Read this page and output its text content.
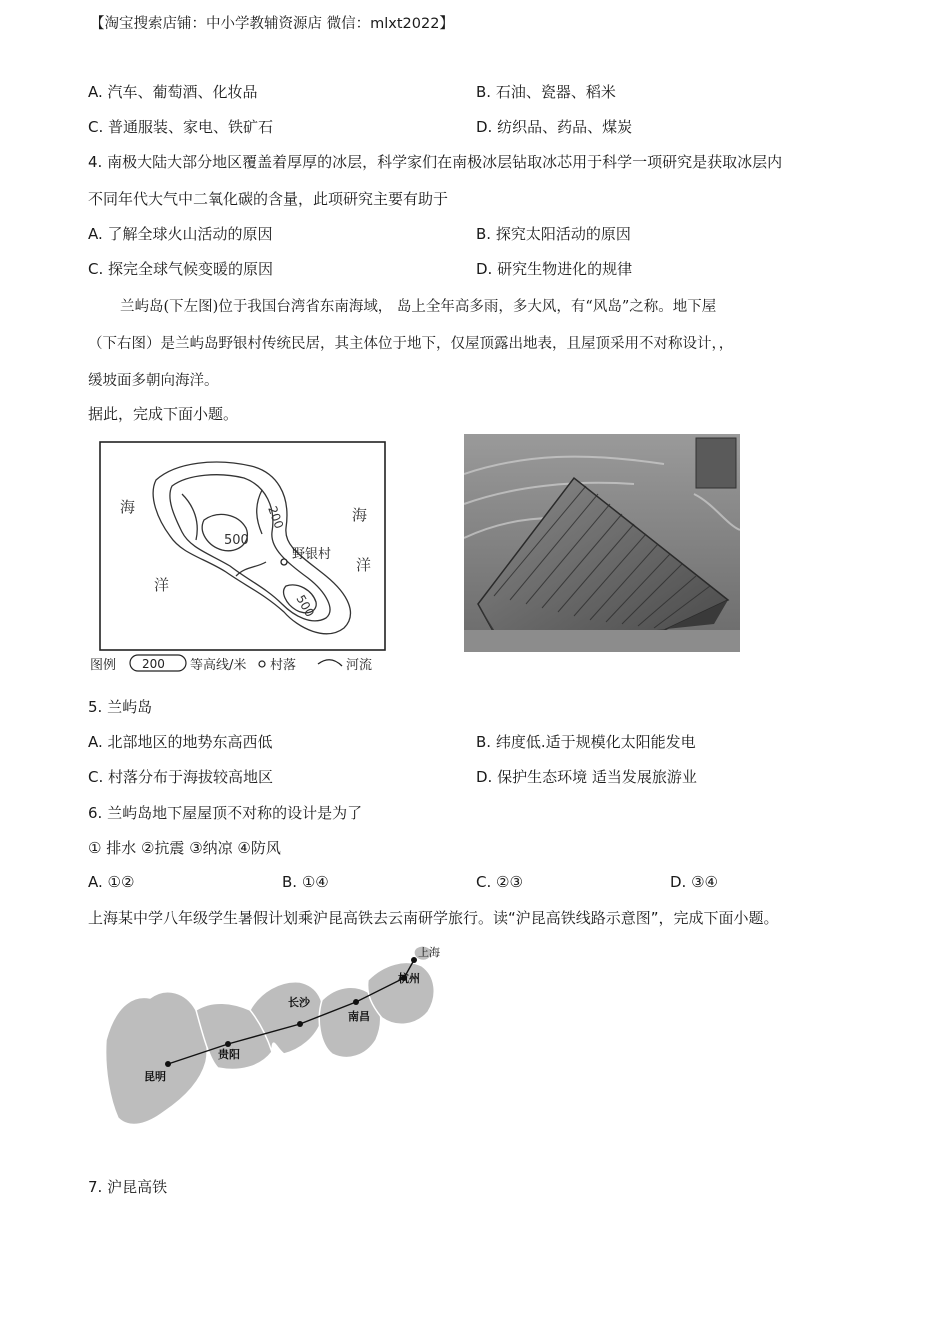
【淘宝搜索店铺：中小学教辅资源店 微信：mlxt2022】
A. 汽车、葡萄酒、化妆品	B. 石油、瓷器、稻米
C. 普通服装、家电、铁矿石	D. 纺织品、药品、煤炭
4. 南极大陆大部分地区覆盖着厚厚的冰层，科学家们在南极冰层钻取冰芯用于科学一项研究是获取冰层内
不同年代大气中二氧化碳的含量，此项研究主要有助于
A. 了解全球火山活动的原因	B. 探究太阳活动的原因
C. 探完全球气候变暖的原因	D. 研究生物进化的规律
兰屿岛(下左图)位于我国台湾省东南海域， 岛上全年高多雨，多大风，有“风岛”之称。地下屋
（下右图）是兰屿岛野银村传统民居，其主体位于地下，仅屋顶露出地表，且屋顶采用不对称设计，，
缓坡面多朝向海洋。
据此，完成下面小题。
海
洋
海
洋
200
500
500
野银村
图例 200 等高线/米 村落	河流
5. 兰屿岛
A. 北部地区的地势东高西低	B. 纬度低.适于规模化太阳能发电
C. 村落分布于海拔较高地区	D. 保护生态环境 适当发展旅游业
6. 兰屿岛地下屋屋顶不对称的设计是为了
① 排水 ②抗震 ③纳凉 ④防风
A. ①②	B. ①④	C. ②③	D. ③④
上海某中学八年级学生暑假计划乘沪昆高铁去云南研学旅行。读“沪昆高铁线路示意图”，完成下面小题。
上海
杭州
长沙
南昌
贵阳
昆明
7. 沪昆高铁
